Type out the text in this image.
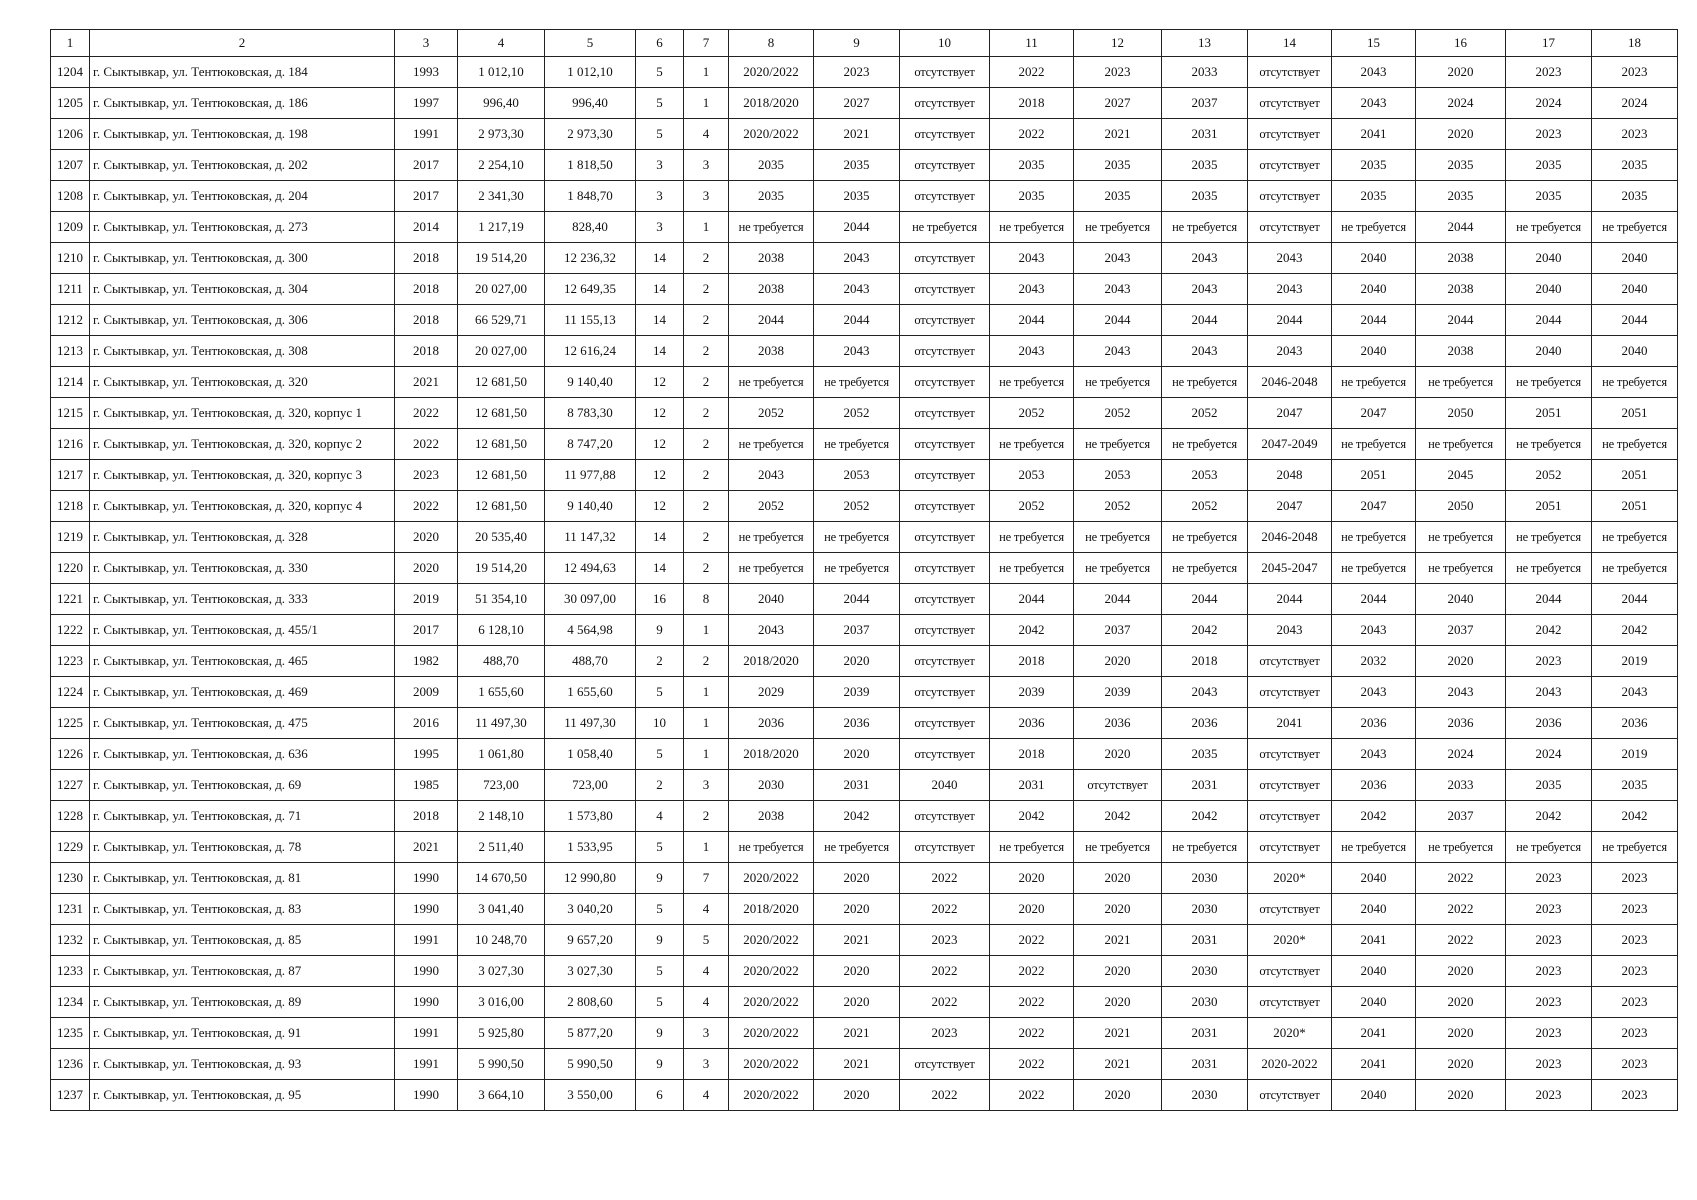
1	2	3	4	5	6	7	8	9	10	11	12	13	14	15	16	17	18
1204	г. Сыктывкар, ул. Тентюковская, д. 184	1993	1 012,10	1 012,10	5	1	2020/2022	2023	отсутствует	2022	2023	2033	отсутствует	2043	2020	2023	2023
1205	г. Сыктывкар, ул. Тентюковская, д. 186	1997	996,40	996,40	5	1	2018/2020	2027	отсутствует	2018	2027	2037	отсутствует	2043	2024	2024	2024
1206	г. Сыктывкар, ул. Тентюковская, д. 198	1991	2 973,30	2 973,30	5	4	2020/2022	2021	отсутствует	2022	2021	2031	отсутствует	2041	2020	2023	2023
1207	г. Сыктывкар, ул. Тентюковская, д. 202	2017	2 254,10	1 818,50	3	3	2035	2035	отсутствует	2035	2035	2035	отсутствует	2035	2035	2035	2035
1208	г. Сыктывкар, ул. Тентюковская, д. 204	2017	2 341,30	1 848,70	3	3	2035	2035	отсутствует	2035	2035	2035	отсутствует	2035	2035	2035	2035
1209	г. Сыктывкар, ул. Тентюковская, д. 273	2014	1 217,19	828,40	3	1	не требуется	2044	не требуется	не требуется	не требуется	не требуется	отсутствует	не требуется	2044	не требуется	не требуется
1210	г. Сыктывкар, ул. Тентюковская, д. 300	2018	19 514,20	12 236,32	14	2	2038	2043	отсутствует	2043	2043	2043	2043	2040	2038	2040	2040
1211	г. Сыктывкар, ул. Тентюковская, д. 304	2018	20 027,00	12 649,35	14	2	2038	2043	отсутствует	2043	2043	2043	2043	2040	2038	2040	2040
1212	г. Сыктывкар, ул. Тентюковская, д. 306	2018	66 529,71	11 155,13	14	2	2044	2044	отсутствует	2044	2044	2044	2044	2044	2044	2044	2044
1213	г. Сыктывкар, ул. Тентюковская, д. 308	2018	20 027,00	12 616,24	14	2	2038	2043	отсутствует	2043	2043	2043	2043	2040	2038	2040	2040
1214	г. Сыктывкар, ул. Тентюковская, д. 320	2021	12 681,50	9 140,40	12	2	не требуется	не требуется	отсутствует	не требуется	не требуется	не требуется	2046-2048	не требуется	не требуется	не требуется	не требуется
1215	г. Сыктывкар, ул. Тентюковская, д. 320, корпус 1	2022	12 681,50	8 783,30	12	2	2052	2052	отсутствует	2052	2052	2052	2047	2047	2050	2051	2051
1216	г. Сыктывкар, ул. Тентюковская, д. 320, корпус 2	2022	12 681,50	8 747,20	12	2	не требуется	не требуется	отсутствует	не требуется	не требуется	не требуется	2047-2049	не требуется	не требуется	не требуется	не требуется
1217	г. Сыктывкар, ул. Тентюковская, д. 320, корпус 3	2023	12 681,50	11 977,88	12	2	2043	2053	отсутствует	2053	2053	2053	2048	2051	2045	2052	2051
1218	г. Сыктывкар, ул. Тентюковская, д. 320, корпус 4	2022	12 681,50	9 140,40	12	2	2052	2052	отсутствует	2052	2052	2052	2047	2047	2050	2051	2051
1219	г. Сыктывкар, ул. Тентюковская, д. 328	2020	20 535,40	11 147,32	14	2	не требуется	не требуется	отсутствует	не требуется	не требуется	не требуется	2046-2048	не требуется	не требуется	не требуется	не требуется
1220	г. Сыктывкар, ул. Тентюковская, д. 330	2020	19 514,20	12 494,63	14	2	не требуется	не требуется	отсутствует	не требуется	не требуется	не требуется	2045-2047	не требуется	не требуется	не требуется	не требуется
1221	г. Сыктывкар, ул. Тентюковская, д. 333	2019	51 354,10	30 097,00	16	8	2040	2044	отсутствует	2044	2044	2044	2044	2044	2040	2044	2044
1222	г. Сыктывкар, ул. Тентюковская, д. 455/1	2017	6 128,10	4 564,98	9	1	2043	2037	отсутствует	2042	2037	2042	2043	2043	2037	2042	2042
1223	г. Сыктывкар, ул. Тентюковская, д. 465	1982	488,70	488,70	2	2	2018/2020	2020	отсутствует	2018	2020	2018	отсутствует	2032	2020	2023	2019
1224	г. Сыктывкар, ул. Тентюковская, д. 469	2009	1 655,60	1 655,60	5	1	2029	2039	отсутствует	2039	2039	2043	отсутствует	2043	2043	2043	2043
1225	г. Сыктывкар, ул. Тентюковская, д. 475	2016	11 497,30	11 497,30	10	1	2036	2036	отсутствует	2036	2036	2036	2041	2036	2036	2036	2036
1226	г. Сыктывкар, ул. Тентюковская, д. 636	1995	1 061,80	1 058,40	5	1	2018/2020	2020	отсутствует	2018	2020	2035	отсутствует	2043	2024	2024	2019
1227	г. Сыктывкар, ул. Тентюковская, д. 69	1985	723,00	723,00	2	3	2030	2031	2040	2031	отсутствует	2031	отсутствует	2036	2033	2035	2035
1228	г. Сыктывкар, ул. Тентюковская, д. 71	2018	2 148,10	1 573,80	4	2	2038	2042	отсутствует	2042	2042	2042	отсутствует	2042	2037	2042	2042
1229	г. Сыктывкар, ул. Тентюковская, д. 78	2021	2 511,40	1 533,95	5	1	не требуется	не требуется	отсутствует	не требуется	не требуется	не требуется	отсутствует	не требуется	не требуется	не требуется	не требуется
1230	г. Сыктывкар, ул. Тентюковская, д. 81	1990	14 670,50	12 990,80	9	7	2020/2022	2020	2022	2020	2020	2030	2020*	2040	2022	2023	2023
1231	г. Сыктывкар, ул. Тентюковская, д. 83	1990	3 041,40	3 040,20	5	4	2018/2020	2020	2022	2020	2020	2030	отсутствует	2040	2022	2023	2023
1232	г. Сыктывкар, ул. Тентюковская, д. 85	1991	10 248,70	9 657,20	9	5	2020/2022	2021	2023	2022	2021	2031	2020*	2041	2022	2023	2023
1233	г. Сыктывкар, ул. Тентюковская, д. 87	1990	3 027,30	3 027,30	5	4	2020/2022	2020	2022	2022	2020	2030	отсутствует	2040	2020	2023	2023
1234	г. Сыктывкар, ул. Тентюковская, д. 89	1990	3 016,00	2 808,60	5	4	2020/2022	2020	2022	2022	2020	2030	отсутствует	2040	2020	2023	2023
1235	г. Сыктывкар, ул. Тентюковская, д. 91	1991	5 925,80	5 877,20	9	3	2020/2022	2021	2023	2022	2021	2031	2020*	2041	2020	2023	2023
1236	г. Сыктывкар, ул. Тентюковская, д. 93	1991	5 990,50	5 990,50	9	3	2020/2022	2021	отсутствует	2022	2021	2031	2020-2022	2041	2020	2023	2023
1237	г. Сыктывкар, ул. Тентюковская, д. 95	1990	3 664,10	3 550,00	6	4	2020/2022	2020	2022	2022	2020	2030	отсутствует	2040	2020	2023	2023
